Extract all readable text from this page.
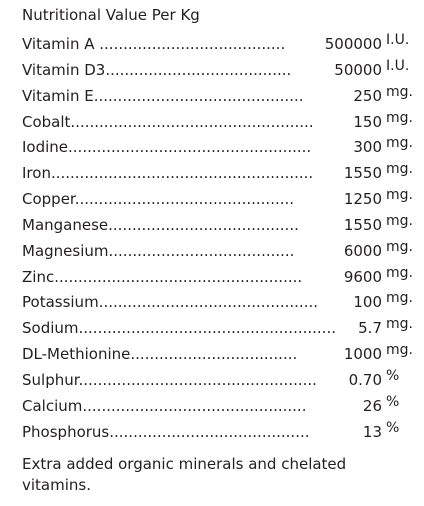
Nutritional Value Per Kg
Vitamin A .......................................	500000 I.U.
Vitamin D3.......................................	50000 I.U.
Vitamin E............................................	250 mg.
Cobalt...................................................	150 mg.
Iodine...................................................	300 mg.
Iron....................................................... 1550 mg.
Copper..............................................	1250 mg.
Manganese........................................	1550 mg.
Magnesium.......................................	6000 mg.
Zinc....................................................	9600 mg.
Potassium.............................................. 100 mg.
Sodium...................................................... 5.7 mg.
DL-Methionine...................................	1000 mg.
Sulphur.................................................. 0.70 %
Calcium...............................................	26 %
Phosphorus..........................................	13 %
Extra added organic minerals and chelated vitamins.
